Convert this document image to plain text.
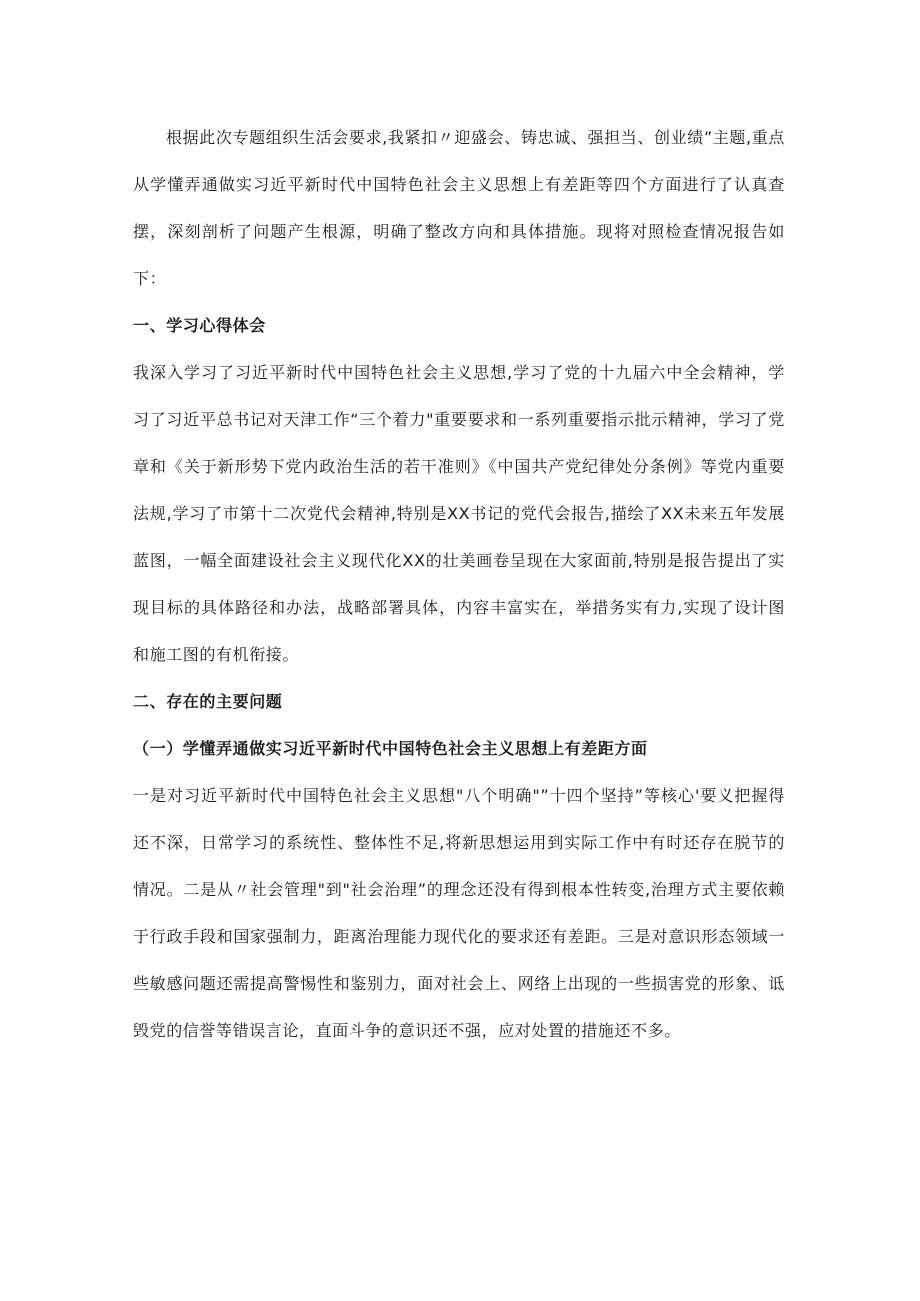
根据此次专题组织生活会要求,我紧扣〃迎盛会、铸忠诚、强担当、创业绩”主题,重点从学懂弄通做实习近平新时代中国特色社会主义思想上有差距等四个方面进行了认真查摆，深刻剖析了问题产生根源，明确了整改方向和具体措施。现将对照检查情况报告如下：

一、学习心得体会

我深入学习了习近平新时代中国特色社会主义思想,学习了党的十九届六中全会精神，学习了习近平总书记对天津工作“三个着力"重要要求和一系列重要指示批示精神，学习了党章和《关于新形势下党内政治生活的若干准则》《中国共产党纪律处分条例》等党内重要法规,学习了市第十二次党代会精神,特别是XX书记的党代会报告,描绘了XX未来五年发展蓝图，一幅全面建设社会主义现代化XX的壮美画卷呈现在大家面前,特别是报告提出了实现目标的具体路径和办法，战略部署具体，内容丰富实在，举措务实有力,实现了设计图和施工图的有机衔接。

二、存在的主要问题

（一）学懂弄通做实习近平新时代中国特色社会主义思想上有差距方面

一是对习近平新时代中国特色社会主义思想"八个明确"”十四个坚持”等核心'要义把握得还不深，日常学习的系统性、整体性不足,将新思想运用到实际工作中有时还存在脱节的情况。二是从〃社会管理"到"社会治理”的理念还没有得到根本性转变,治理方式主要依赖于行政手段和国家强制力，距离治理能力现代化的要求还有差距。三是对意识形态领域一些敏感问题还需提高警惕性和鉴别力，面对社会上、网络上出现的一些损害党的形象、诋毁党的信誉等错误言论，直面斗争的意识还不强，应对处置的措施还不多。
